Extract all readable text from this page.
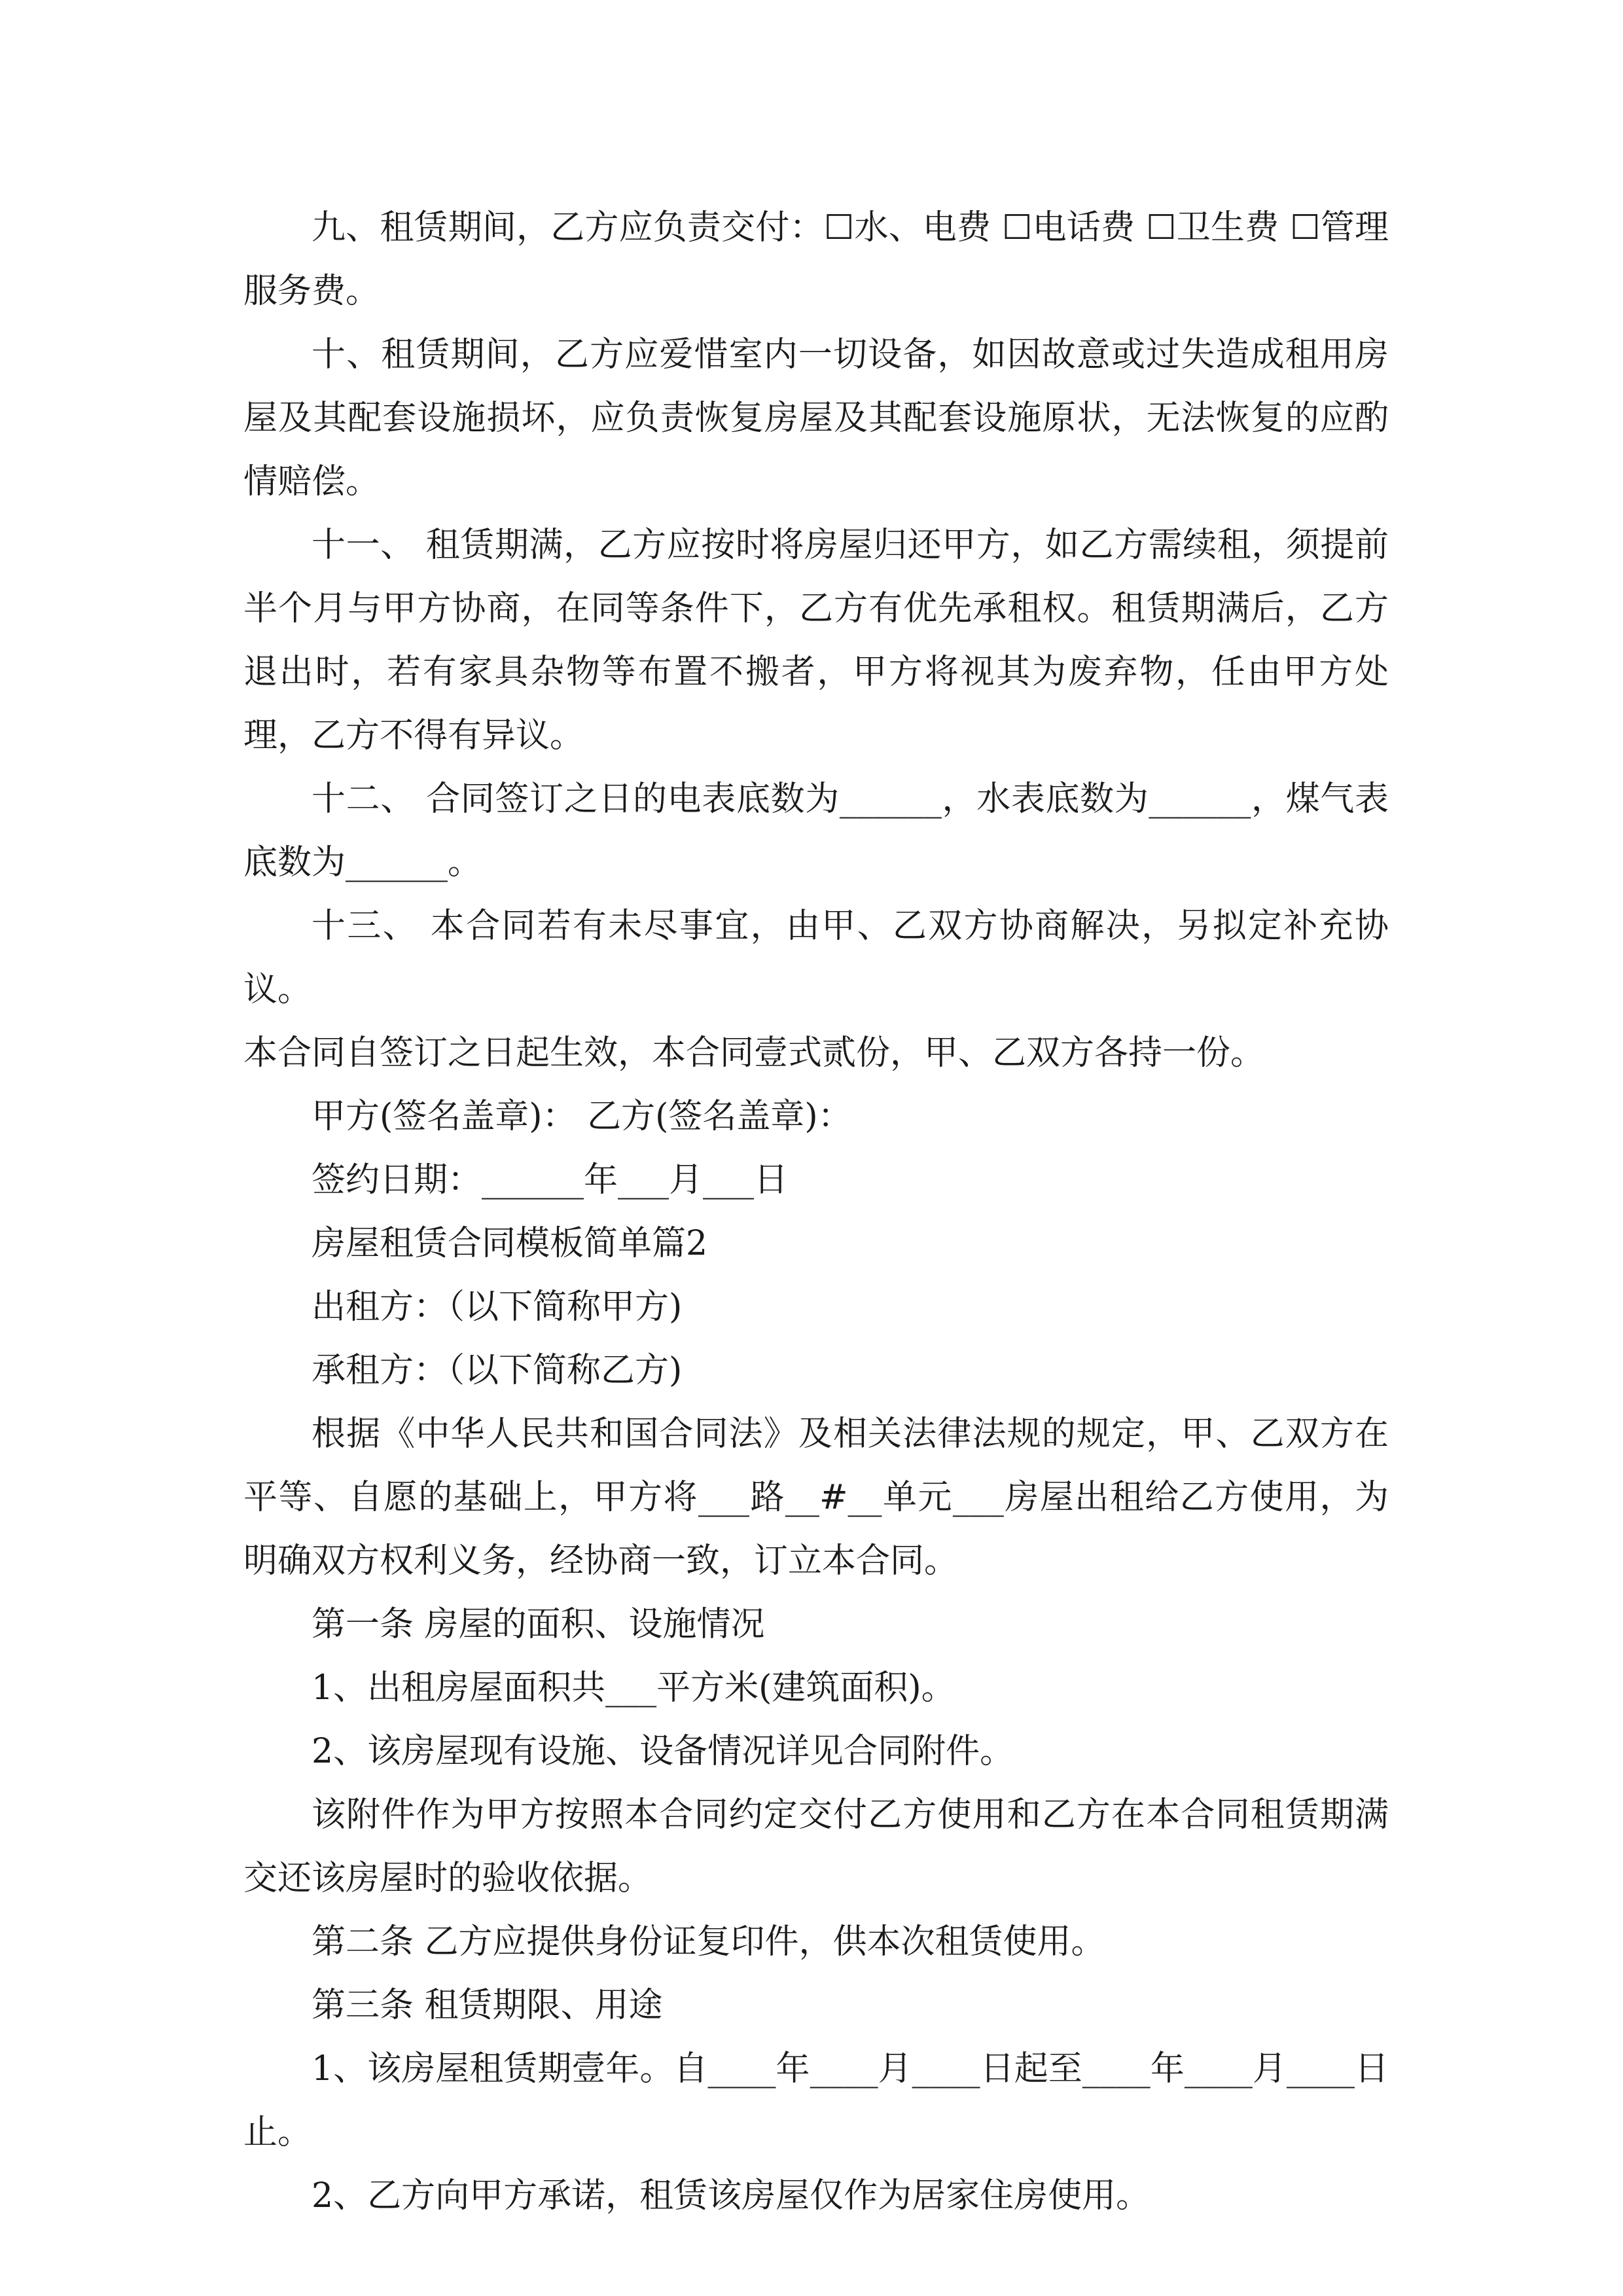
九、租赁期间，乙方应负责交付：☐水、电费 ☐电话费 ☐卫生费 ☐管理服务费。

十、租赁期间，乙方应爱惜室内一切设备，如因故意或过失造成租用房屋及其配套设施损坏，应负责恢复房屋及其配套设施原状，无法恢复的应酌情赔偿。

十一、 租赁期满，乙方应按时将房屋归还甲方，如乙方需续租，须提前半个月与甲方协商，在同等条件下，乙方有优先承租权。租赁期满后，乙方退出时，若有家具杂物等布置不搬者，甲方将视其为废弃物，任由甲方处理，乙方不得有异议。

十二、 合同签订之日的电表底数为______，水表底数为______，煤气表底数为______。

十三、 本合同若有未尽事宜，由甲、乙双方协商解决，另拟定补充协议。

本合同自签订之日起生效，本合同壹式贰份，甲、乙双方各持一份。

甲方(签名盖章)： 乙方(签名盖章)：

签约日期：______年___月___日

房屋租赁合同模板简单篇2

出租方：（以下简称甲方)

承租方：（以下简称乙方)

根据《中华人民共和国合同法》及相关法律法规的规定，甲、乙双方在平等、自愿的基础上，甲方将___路__#__单元___房屋出租给乙方使用，为明确双方权利义务，经协商一致，订立本合同。

第一条 房屋的面积、设施情况

1、出租房屋面积共___平方米(建筑面积)。

2、该房屋现有设施、设备情况详见合同附件。

该附件作为甲方按照本合同约定交付乙方使用和乙方在本合同租赁期满交还该房屋时的验收依据。

第二条 乙方应提供身份证复印件，供本次租赁使用。

第三条 租赁期限、用途

1、该房屋租赁期壹年。自____年____月____日起至____年____月____日止。

2、乙方向甲方承诺，租赁该房屋仅作为居家住房使用。
